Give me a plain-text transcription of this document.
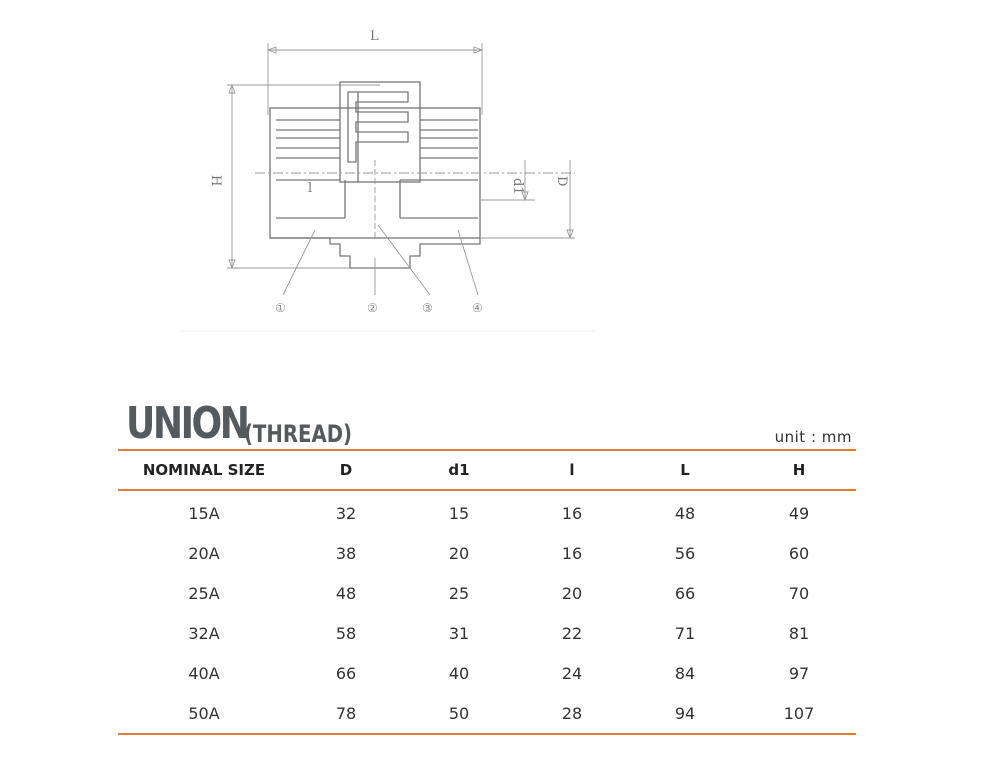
L
H
l	d1 D
①	②	③	④
UNION
(THREAD)	unit : mm
NOMINAL SIZE	D	d1	l	L	H
15A	32	15	16	48	49
20A	38	20	16	56	60
25A	48	25	20	66	70
32A	58	31	22	71	81
40A	66	40	24	84	97
50A	78	50	28	94	107
